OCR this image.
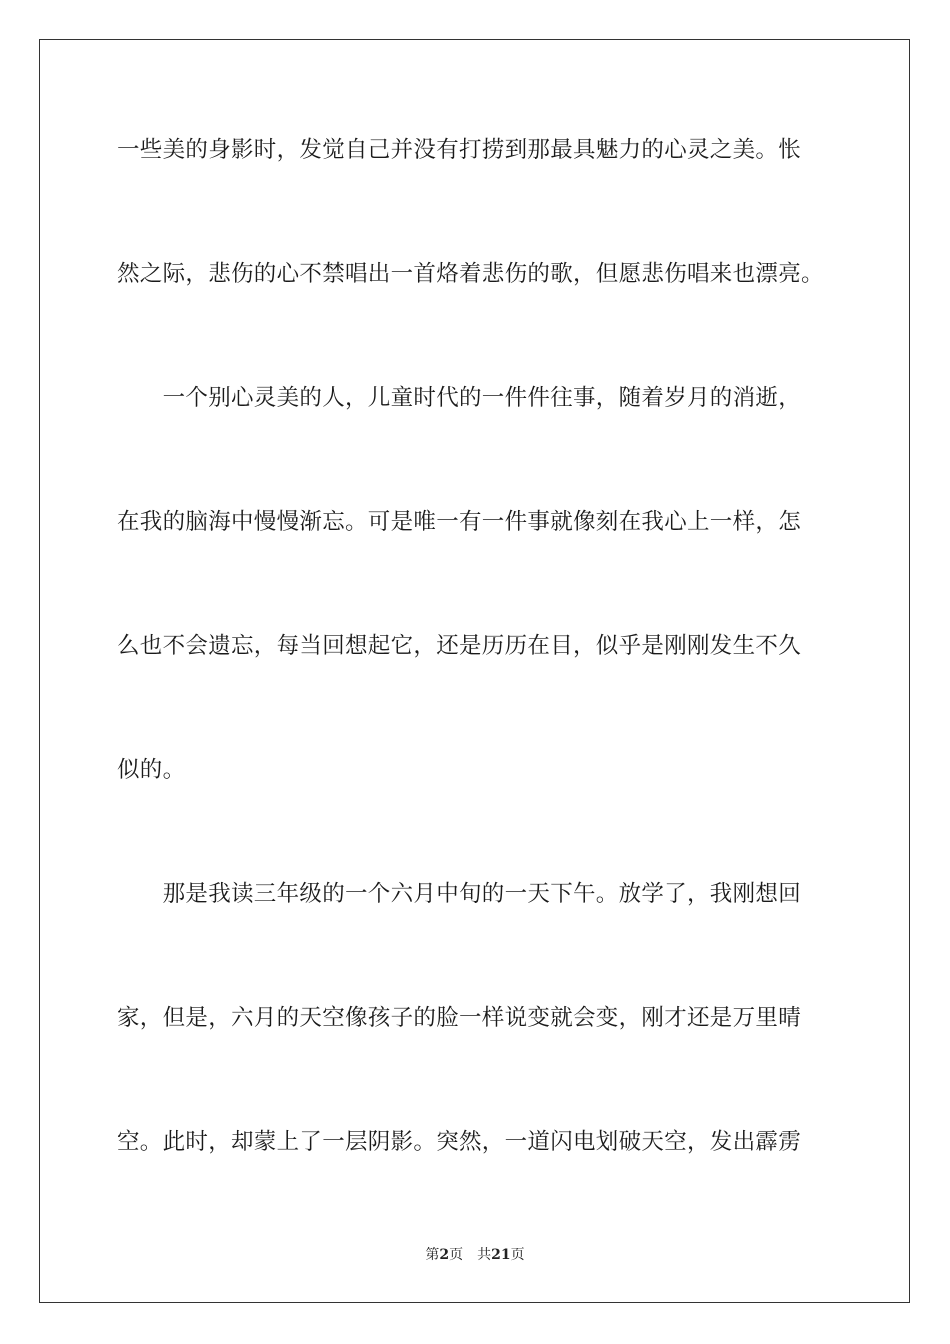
一些美的身影时，发觉自己并没有打捞到那最具魅力的心灵之美。怅
然之际，悲伤的心不禁唱出一首烙着悲伤的歌，但愿悲伤唱来也漂亮。
　　一个别心灵美的人，儿童时代的一件件往事，随着岁月的消逝，
在我的脑海中慢慢渐忘。可是唯一有一件事就像刻在我心上一样，怎
么也不会遗忘，每当回想起它，还是历历在目，似乎是刚刚发生不久
似的。
　　那是我读三年级的一个六月中旬的一天下午。放学了，我刚想回
家，但是，六月的天空像孩子的脸一样说变就会变，刚才还是万里晴
空。此时，却蒙上了一层阴影。突然，一道闪电划破天空，发出霹雳
第2页 共21页
